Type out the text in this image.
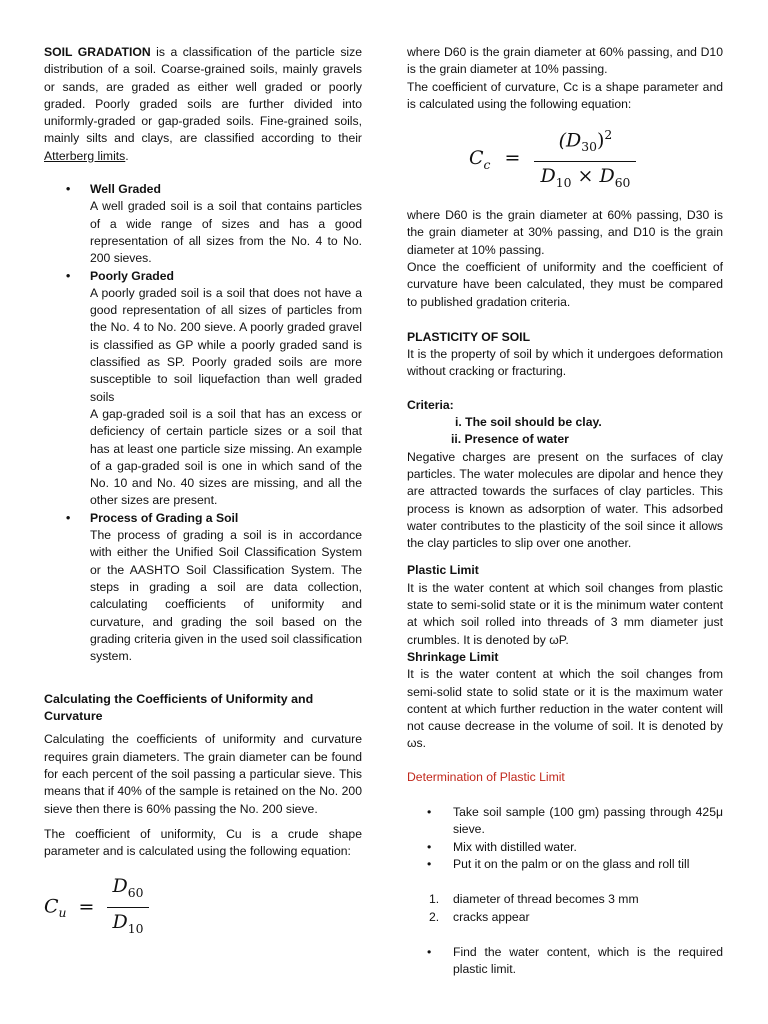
SOIL GRADATION is a classification of the particle size distribution of a soil. Coarse-grained soils, mainly gravels or sands, are graded as either well graded or poorly graded. Poorly graded soils are further divided into uniformly-graded or gap-graded soils. Fine-grained soils, mainly silts and clays, are classified according to their Atterberg limits.

• Well Graded

A well graded soil is a soil that contains particles of a wide range of sizes and has a good representation of all sizes from the No. 4 to No. 200 sieves.

• Poorly Graded

A poorly graded soil is a soil that does not have a good representation of all sizes of particles from the No. 4 to No. 200 sieve. A poorly graded gravel is classified as GP while a poorly graded sand is classified as SP. Poorly graded soils are more susceptible to soil liquefaction than well graded soils

A gap-graded soil is a soil that has an excess or deficiency of certain particle sizes or a soil that has at least one particle size missing. An example of a gap-graded soil is one in which sand of the No. 10 and No. 40 sizes are missing, and all the other sizes are present.

• Process of Grading a Soil

The process of grading a soil is in accordance with either the Unified Soil Classification System or the AASHTO Soil Classification System. The steps in grading a soil are data collection, calculating coefficients of uniformity and curvature, and grading the soil based on the grading criteria given in the used soil classification system.

Calculating the Coefficients of Uniformity and Curvature

Calculating the coefficients of uniformity and curvature requires grain diameters. The grain diameter can be found for each percent of the soil passing a particular sieve. This means that if 40% of the sample is retained on the No. 200 sieve then there is 60% passing the No. 200 sieve.

The coefficient of uniformity, Cu is a crude shape parameter and is calculated using the following equation:

$C_u = \frac{D_{60}}{D_{10}}$

where D60 is the grain diameter at 60% passing, and D10 is the grain diameter at 10% passing.

The coefficient of curvature, Cc is a shape parameter and is calculated using the following equation:

$C_c = \frac{(D_{30})^2}{D_{10} \times D_{60}}$

where D60 is the grain diameter at 60% passing, D30 is the grain diameter at 30% passing, and D10 is the grain diameter at 10% passing.

Once the coefficient of uniformity and the coefficient of curvature have been calculated, they must be compared to published gradation criteria.

PLASTICITY OF SOIL

It is the property of soil by which it undergoes deformation without cracking or fracturing.

Criteria:
i. The soil should be clay.
ii. Presence of water

Negative charges are present on the surfaces of clay particles. The water molecules are dipolar and hence they are attracted towards the surfaces of clay particles. This process is known as adsorption of water. This adsorbed water contributes to the plasticity of the soil since it allows the clay particles to slip over one another.

Plastic Limit

It is the water content at which soil changes from plastic state to semi-solid state or it is the minimum water content at which soil rolled into threads of 3 mm diameter just crumbles. It is denoted by ωP.

Shrinkage Limit

It is the water content at which the soil changes from semi-solid state to solid state or it is the maximum water content at which further reduction in the water content will not cause decrease in the volume of soil. It is denoted by ωs.

Determination of Plastic Limit
• Take soil sample (100 gm) passing through 425μ sieve.

• Mix with distilled water.

• Put it on the palm or on the glass and roll till

1. diameter of thread becomes 3 mm
2. cracks appear
• Find the water content, which is the required plastic limit.
